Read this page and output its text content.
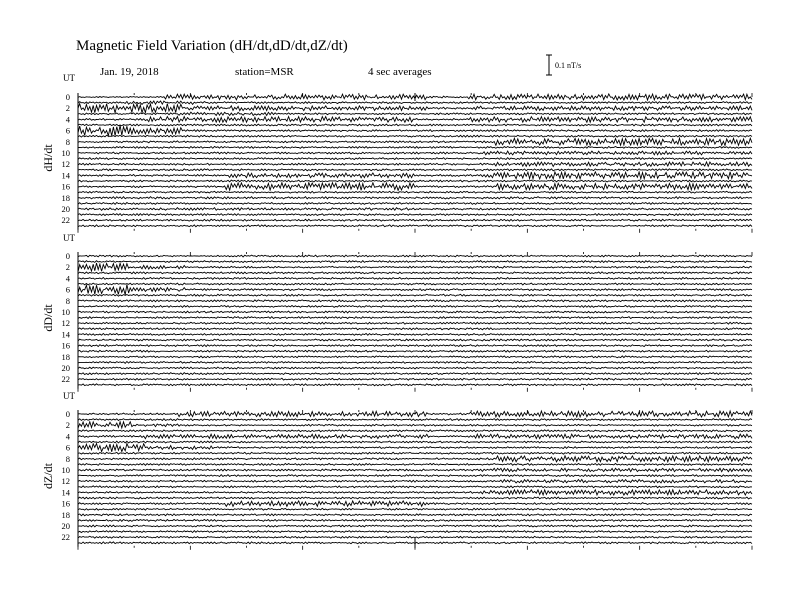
Magnetic Field Variation (dH/dt,dD/dt,dZ/dt)
Jan. 19, 2018	station=MSR	4 sec averages
0.1 nT/s
UT
dH/dt
0
2
4
6
8
10
12
14
16
18
20
22
UT
dD/dt
0
2
4
6
8
10
12
14
16
18
20
22
UT
dZ/dt
0
2
4
6
8
10
12
14
16
18
20
22
